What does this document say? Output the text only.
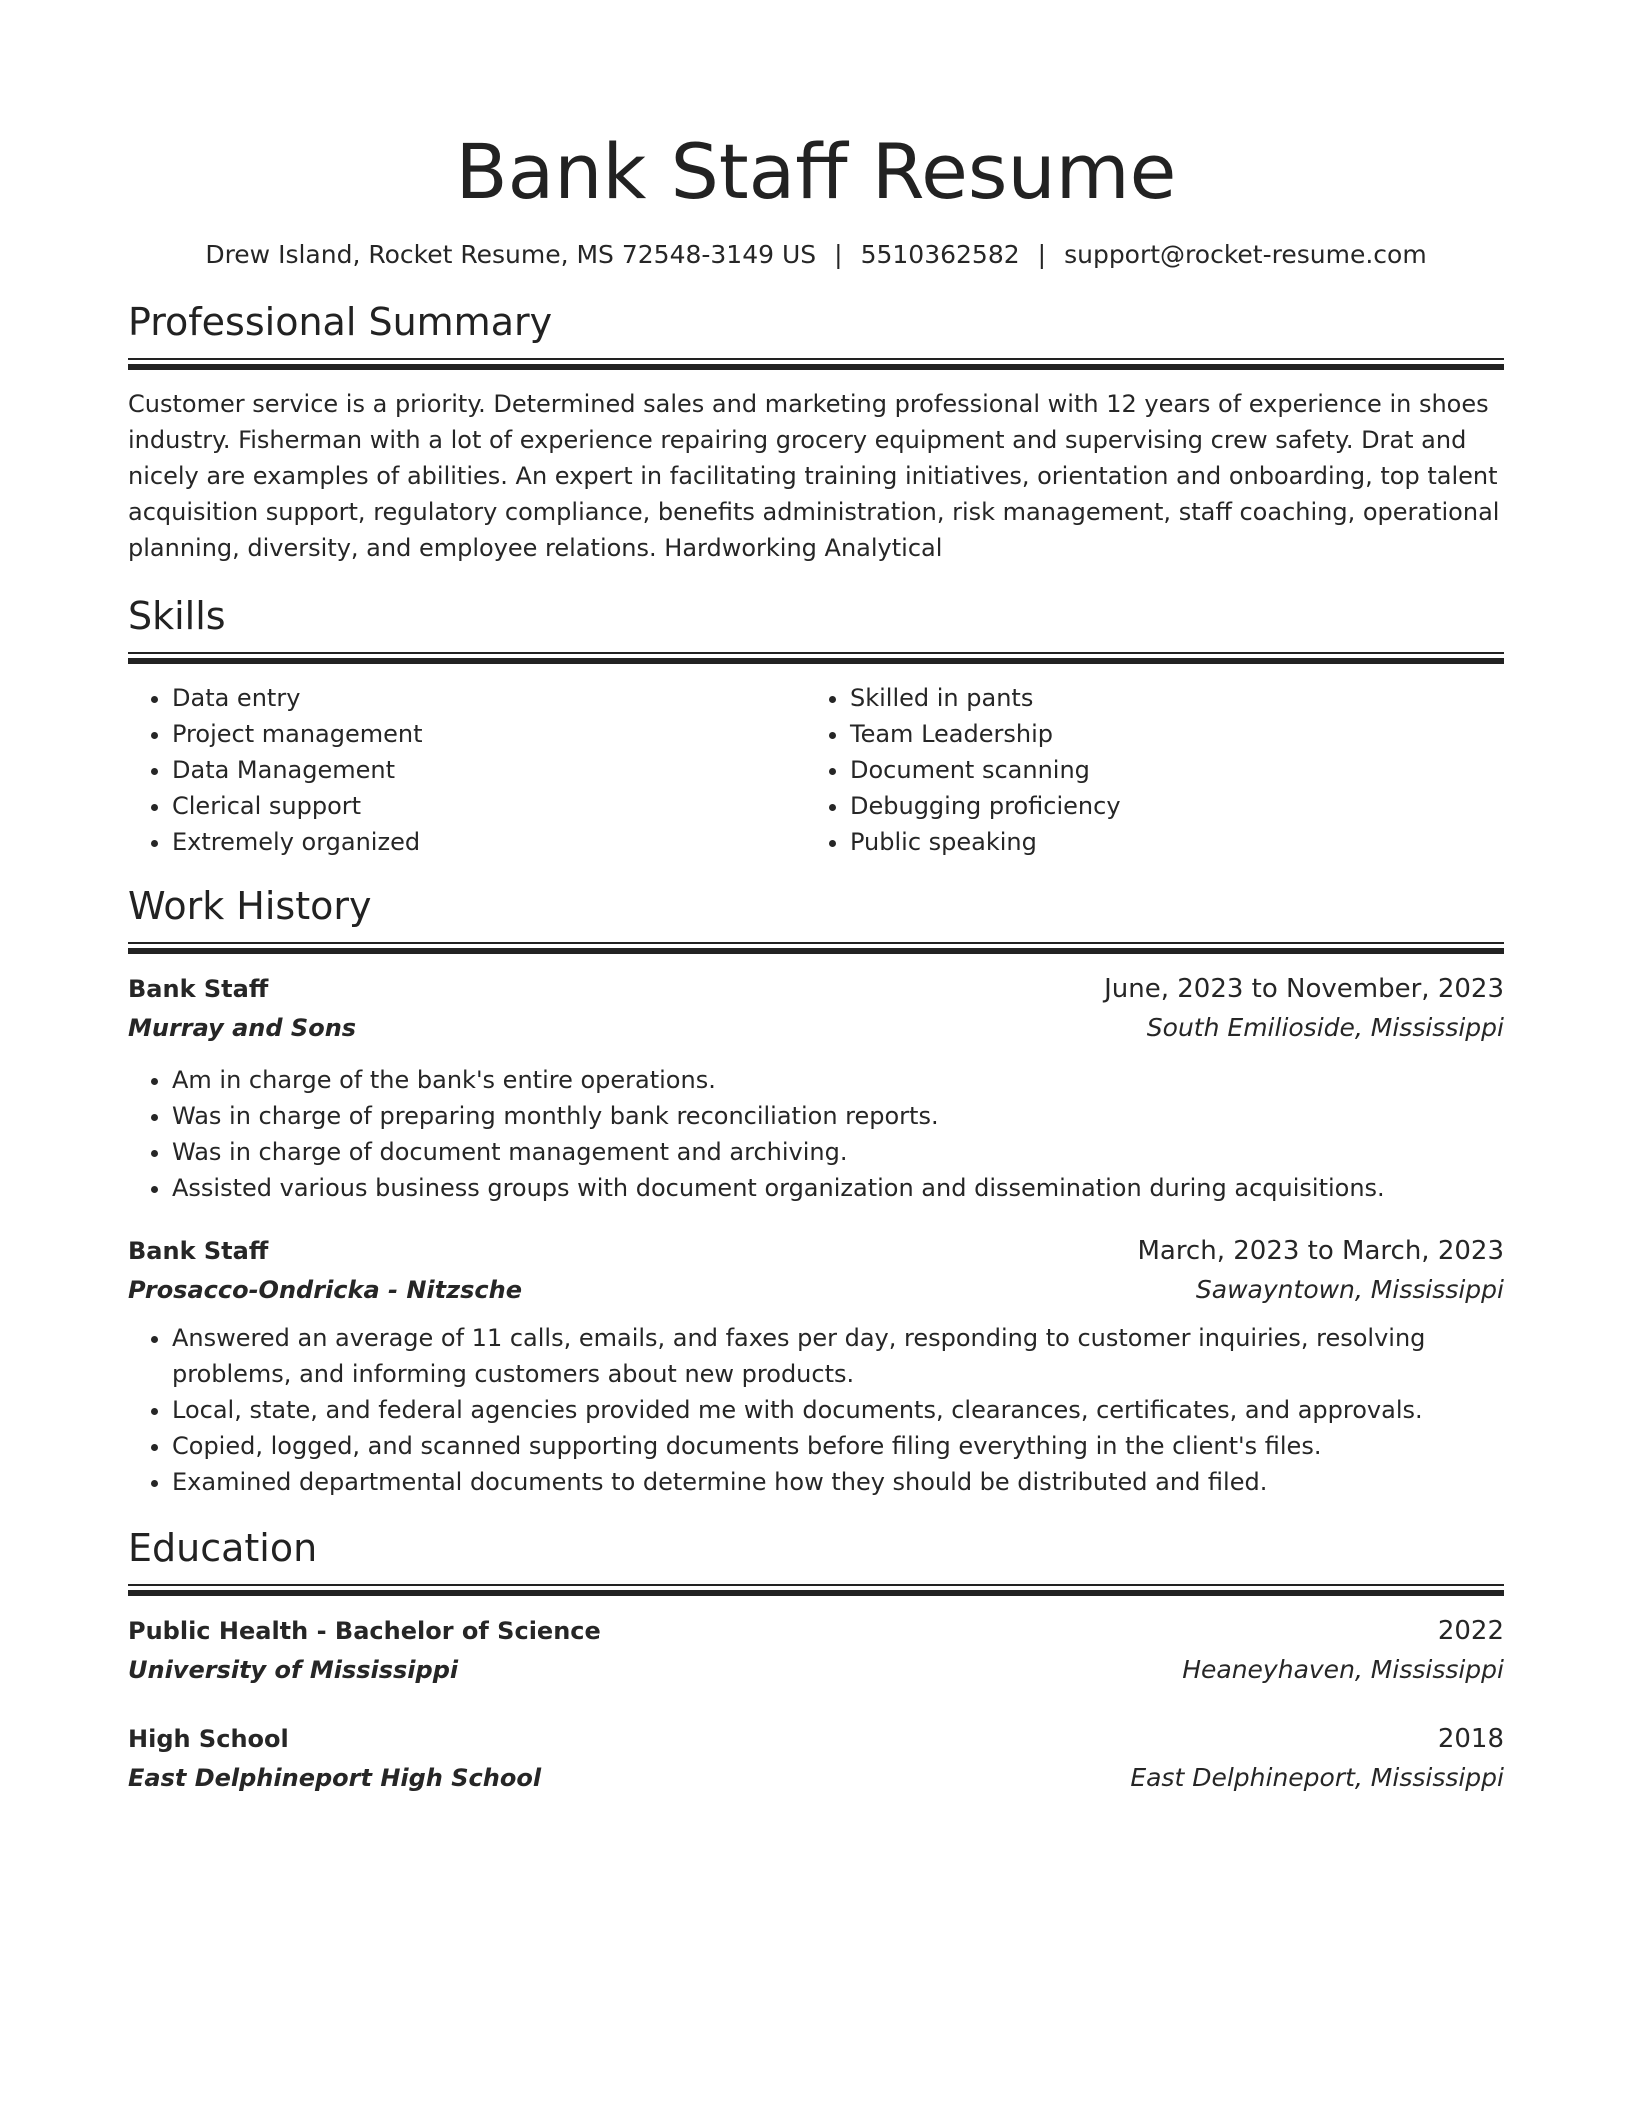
Bank Staff Resume
Drew Island, Rocket Resume, MS 72548-3149 US | 5510362582 | support@rocket-resume.com
Professional Summary

Customer service is a priority. Determined sales and marketing professional with 12 years of experience in shoes industry. Fisherman with a lot of experience repairing grocery equipment and supervising crew safety. Drat and nicely are examples of abilities. An expert in facilitating training initiatives, orientation and onboarding, top talent acquisition support, regulatory compliance, benefits administration, risk management, staff coaching, operational planning, diversity, and employee relations. Hardworking Analytical

Skills
• Data entry
• Project management
• Data Management
• Clerical support
• Extremely organized
• Skilled in pants
• Team Leadership
• Document scanning
• Debugging proficiency
• Public speaking
Work History
Bank Staff	June, 2023 to November, 2023
Murray and Sons	South Emilioside, Mississippi
• Am in charge of the bank's entire operations.
• Was in charge of preparing monthly bank reconciliation reports.
• Was in charge of document management and archiving.
• Assisted various business groups with document organization and dissemination during acquisitions.
Bank Staff	March, 2023 to March, 2023
Prosacco-Ondricka - Nitzsche	Sawayntown, Mississippi
• Answered an average of 11 calls, emails, and faxes per day, responding to customer inquiries, resolving problems, and informing customers about new products.
• Local, state, and federal agencies provided me with documents, clearances, certificates, and approvals.
• Copied, logged, and scanned supporting documents before filing everything in the client's files.
• Examined departmental documents to determine how they should be distributed and filed.
Education
Public Health - Bachelor of Science	2022
University of Mississippi	Heaneyhaven, Mississippi
High School	2018
East Delphineport High School	East Delphineport, Mississippi
